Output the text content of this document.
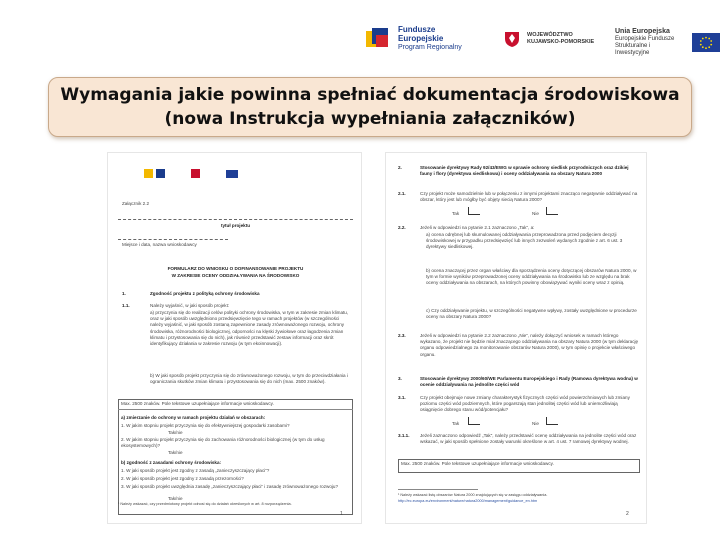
Fundusze
Europejskie
Program Regionalny
WOJEWÓDZTWO
KUJAWSKO-POMORSKIE
Unia Europejska
Europejskie Fundusze
Strukturalne i Inwestycyjne
Wymagania jakie powinna spełniać dokumentacja środowiskowa
(nowa Instrukcja wypełniania załączników)
Załącznik 2.2
tytuł projektu
Miejsce i data, nazwa wnioskodawcy
FORMULARZ DO WNIOSKU O DOFINANSOWANIE PROJEKTU
W ZAKRESIE OCENY ODDZIAŁYWANIA NA ŚRODOWISKO
1.	Zgodność projektu z polityką ochrony środowiska
1.1.	Należy wyjaśnić, w jaki sposób projekt:
a) przyczynia się do realizacji celów polityki ochrony środowiska, w tym w zakresie zmian klimatu, oraz w jaki sposób uwzględniono przedsięwzięcie tego w ramach projektów (w szczególności należy wyjaśnić, w jaki sposób zostaną zapewnione zasady zrównoważonego rozwoju, ochrony środowiska, różnorodności biologicznej, odporności na klęski żywiołowe oraz łagodzenia zmian klimatu i przystosowania się do nich), jak również przedstawić zestaw informacji oraz skrót identyfikujący działania w zakresie rozwoju (w tym ekoinnowacji).
b) W jaki sposób projekt przyczynia się do zrównoważonego rozwoju, w tym do przeciwdziałania i ograniczania skutków zmian klimatu i przystosowania się do nich (max. 2500 znaków).
Max. 2500 znaków. Pole tekstowe uzupełniające informacje wnioskodawcy.
a) zmierzanie do ochrony w ramach projektu działań w obszarach:
1. W jakim stopniu projekt przyczynia się do efektywniejszej gospodarki zasobami?
Tak/nie
2. W jakim stopniu projekt przyczynia się do zachowania różnorodności biologicznej (w tym do usług ekosystemowych)?
Tak/nie
b) zgodność z zasadami ochrony środowiska:
1. W jaki sposób projekt jest zgodny z zasadą „zanieczyszczający płaci”?
2. W jaki sposób projekt jest zgodny z zasadą przezorności?
3. W jaki sposób projekt uwzględnia zasadę „zanieczyszczający płaci” i zasadę zrównoważonego rozwoju?
Tak/nie
¹ Należy wskazać, czy przedmiotowy projekt odnosi się do działań określonych w art. 8 rozporządzenia.
1
2.	Stosowanie dyrektywy Rady 92/43/EWG w sprawie ochrony siedlisk przyrodniczych oraz dzikiej fauny i flory (dyrektywa siedliskowa) i oceny oddziaływania na obszary Natura 2000
2.1.	Czy projekt może samodzielnie lub w połączeniu z innymi projektami znacząco negatywnie oddziaływać na obszar, który jest lub mógłby być objęty siecią Natura 2000?
Tak	Nie
2.2.	Jeżeli w odpowiedzi na pytanie 2.1 zaznaczono „Tak”, a:
a) ocena odrębnej lub skumulowanej oddziaływania przeprowadzona przed podjęciem decyzji środowiskowej w przypadku przedsięwzięć lub innych zezwoleń wydanych zgodnie z art. 6 ust. 3 dyrektywy siedliskowej.
b) ocena znaczącej przez organ właściwy dla sporządzenia oceny dotyczącej obszarów Natura 2000, w tym w formie wyników przeprowadzonej oceny oddziaływania na środowisko lub ze względu na brak oceny oddziaływania na obszarach, na których powinny obowiązywać wyniki oceny wraz z opinią.
c) Czy oddziaływanie projektu, w szczególności negatywne wpływy, zostały uwzględnione w procedurze oceny na obszary Natura 2000?
2.3.	Jeżeli w odpowiedzi na pytanie 2.2 zaznaczono „Nie”, należy dołączyć wniosek w ramach którego wykazano, że projekt nie będzie miał znaczącego oddziaływania na obszary Natura 2000 (w tym deklarację organu odpowiedzialnego za monitorowanie obszarów Natura 2000), w tym opinię o projekcie właściwego organu.
3.	Stosowanie dyrektywy 2000/60/WE Parlamentu Europejskiego i Rady (Ramowa dyrektywa wodna) w ocenie oddziaływania na jednolite części wód
3.1.	Czy projekt obejmuje nowe zmiany charakterystyk fizycznych części wód powierzchniowych lub zmiany poziomu części wód podziemnych, które pogarszają stan jednolitej części wód lub uniemożliwiają osiągnięcie dobrego stanu wód/potencjału?
Tak	Nie
3.1.1. Jeżeli zaznaczono odpowiedź „Tak”, należy przedstawić ocenę oddziaływania na jednolite części wód oraz wskazać, w jaki sposób spełnione zostały warunki określone w art. 4 ust. 7 ramowej dyrektywy wodnej.
Max. 2500 znaków. Pole tekstowe uzupełniające informacje wnioskodawcy.
¹ Należy wskazać listę obszarów Natura 2000 znajdujących się w zasięgu oddziaływania.
http://ec.europa.eu/environment/nature/natura2000/management/guidance_en.htm
2
